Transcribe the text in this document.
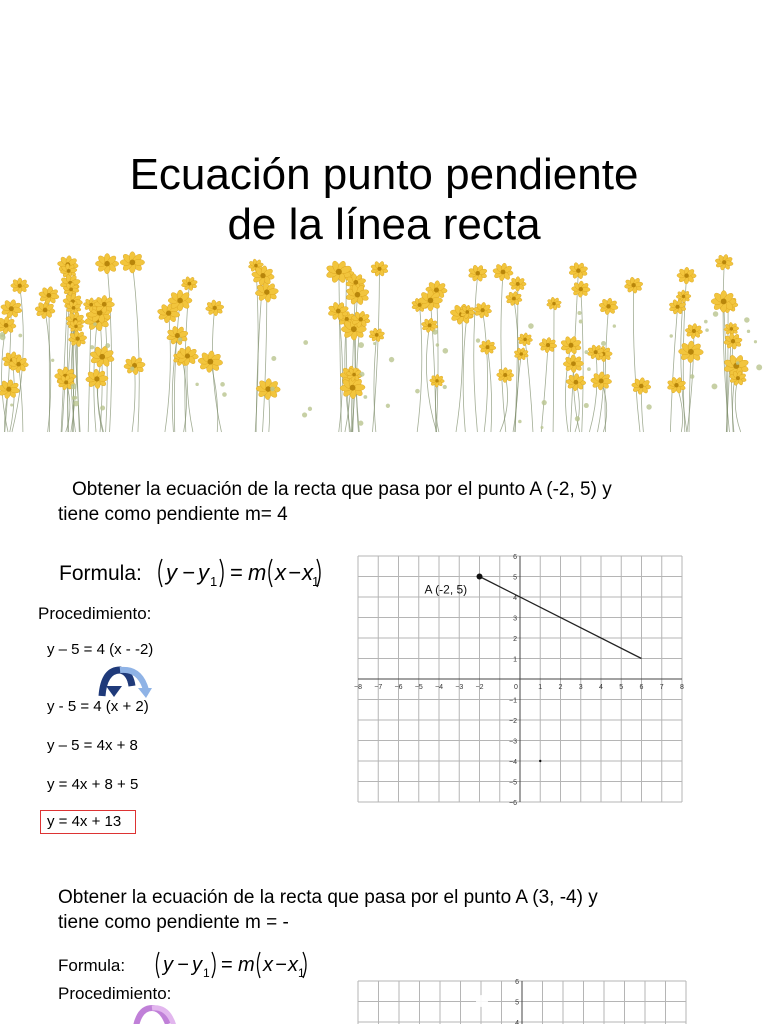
Ecuación punto pendiente
de la línea recta
Obtener la ecuación de la recta que pasa por el punto A (-2, 5) y
tiene como pendiente m= 4
Formula: y − y 1 = m x − x 1
Procedimiento:
y – 5 = 4 (x - -2)
y - 5 = 4 (x + 2)
y – 5 = 4x + 8
y = 4x + 8 + 5
y = 4x + 13
−8 −7 −6 −5 −4 −3 −2	0	1 2 3 4 5 6 7 8
6
5
4
3
2
1
−1
−2
−3
−4
−5
−6
A (-2, 5)
Obtener la ecuación de la recta que pasa por el punto A (3, -4) y
tiene como pendiente m = -
Formula: y − y 1 = m x − x 1
Procedimiento:
6
5
4
